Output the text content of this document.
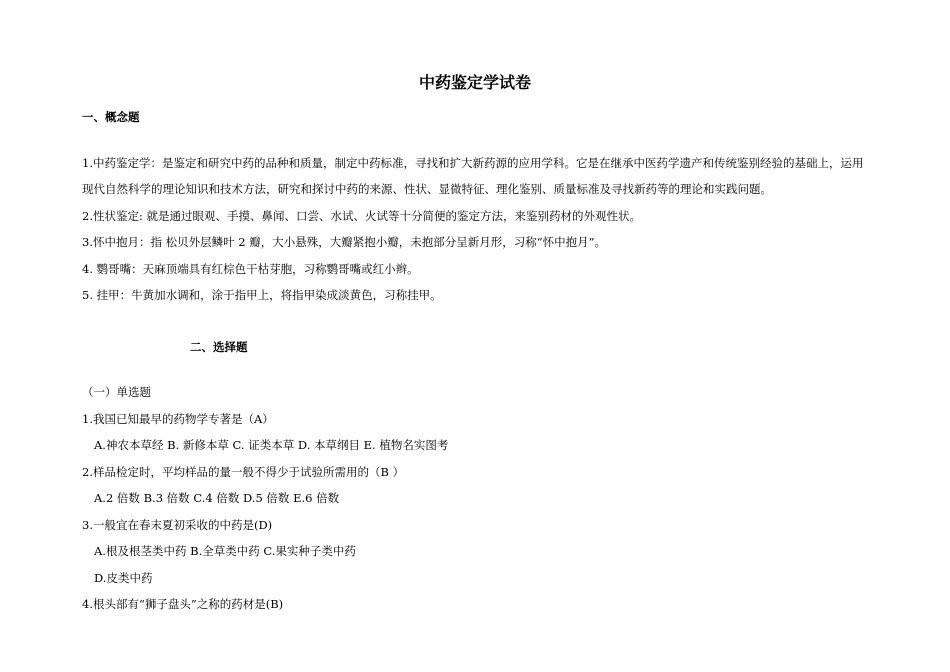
中药鉴定学试卷
一、概念题
1.中药鉴定学：是鉴定和研究中药的品种和质量，制定中药标准，寻找和扩大新药源的应用学科。它是在继承中医药学遗产和传统鉴别经验的基础上，运用
现代自然科学的理论知识和技术方法，研究和探讨中药的来源、性状、显微特征、理化鉴别、质量标准及寻找新药等的理论和实践问题。
2.性状鉴定: 就是通过眼观、手摸、鼻闻、口尝、水试、火试等十分简便的鉴定方法，来鉴别药材的外观性状。
3.怀中抱月：指 松贝外层鳞叶 2 瓣，大小悬殊，大瓣紧抱小瓣，未抱部分呈新月形，习称“怀中抱月”。
4. 鹦哥嘴：天麻顶端具有红棕色干枯芽胞，习称鹦哥嘴或红小辫。
5. 挂甲：牛黄加水调和，涂于指甲上，将指甲染成淡黄色，习称挂甲。
二、选择题
（一）单选题
1.我国已知最早的药物学专著是（A）
A.神农本草经 B. 新修本草 C. 证类本草 D. 本草纲目 E. 植物名实图考
2.样品检定时，平均样品的量一般不得少于试验所需用的（B ）
A.2 倍数 B.3 倍数 C.4 倍数 D.5 倍数 E.6 倍数
3.一般宜在春末夏初采收的中药是(D)
A.根及根茎类中药 B.全草类中药 C.果实种子类中药
D.皮类中药
4.根头部有“狮子盘头”之称的药材是(B)
